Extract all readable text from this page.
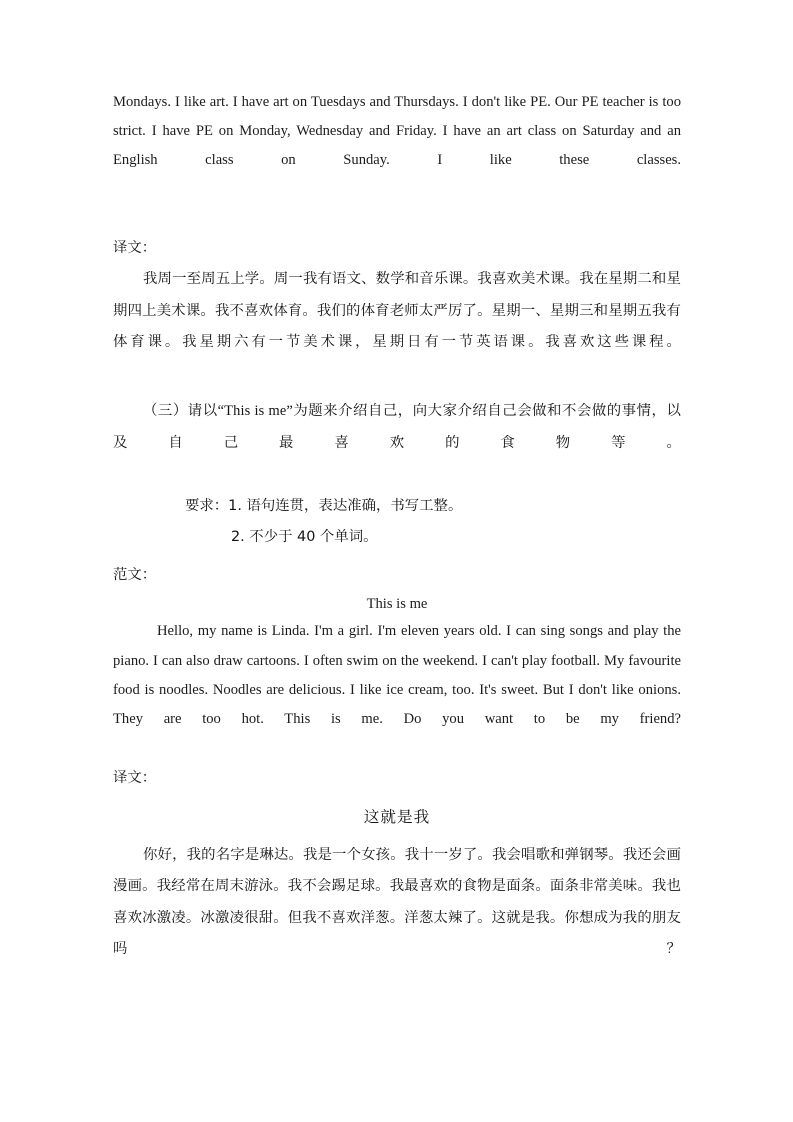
Mondays. I like art. I have art on Tuesdays and Thursdays. I don't like PE. Our PE teacher is too strict. I have PE on Monday, Wednesday and Friday. I have an art class on Saturday and an English class on Sunday. I like these classes.

译文：

我周一至周五上学。周一我有语文、数学和音乐课。我喜欢美术课。我在星期二和星期四上美术课。我不喜欢体育。我们的体育老师太严厉了。星期一、星期三和星期五我有体育课。我星期六有一节美术课，星期日有一节英语课。我喜欢这些课程。

（三）请以“This is me”为题来介绍自己，向大家介绍自己会做和不会做的事情，以及自己最喜欢的食物等。

要求：1. 语句连贯，表达准确，书写工整。

2. 不少于 40 个单词。

范文：

This is me

Hello, my name is Linda. I'm a girl. I'm eleven years old. I can sing songs and play the piano. I can also draw cartoons. I often swim on the weekend. I can't play football. My favourite food is noodles. Noodles are delicious. I like ice cream, too. It's sweet. But I don't like onions. They are too hot. This is me. Do you want to be my friend?

译文：

这就是我

你好，我的名字是琳达。我是一个女孩。我十一岁了。我会唱歌和弹钢琴。我还会画漫画。我经常在周末游泳。我不会踢足球。我最喜欢的食物是面条。面条非常美味。我也喜欢冰激凌。冰激凌很甜。但我不喜欢洋葱。洋葱太辣了。这就是我。你想成为我的朋友吗？
